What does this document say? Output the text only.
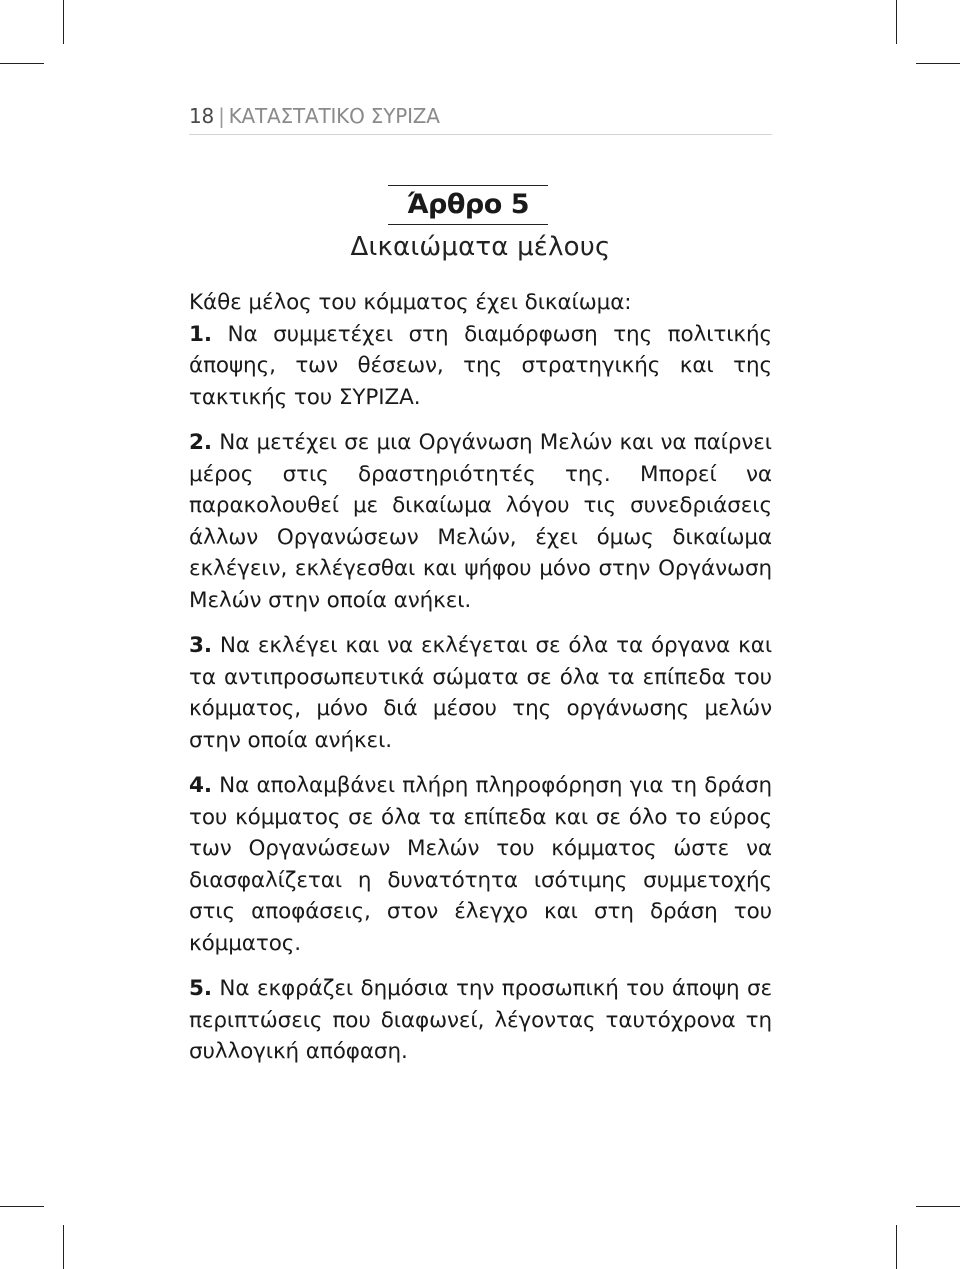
18 | ΚΑΤΑΣΤΑΤΙΚΟ ΣΥΡΙΖΑ
Άρθρο 5
Δικαιώματα μέλους

Κάθε μέλος του κόμματος έχει δικαίωμα:

1. Να συμμετέχει στη διαμόρφωση της πολιτικής άποψης, των θέσεων, της στρατηγικής και της τακτικής του ΣΥΡΙΖΑ.

2. Να μετέχει σε μια Οργάνωση Μελών και να παίρνει μέρος στις δραστηριότητές της. Μπορεί να παρακολουθεί με δικαίωμα λόγου τις συνεδριάσεις άλλων Οργανώσεων Μελών, έχει όμως δικαίωμα εκλέγειν, εκλέγεσθαι και ψήφου μόνο στην Οργάνωση Μελών στην οποία ανήκει.

3. Να εκλέγει και να εκλέγεται σε όλα τα όργανα και τα αντιπροσωπευτικά σώματα σε όλα τα επίπεδα του κόμματος, μόνο διά μέσου της οργάνωσης μελών στην οποία ανήκει.

4. Να απολαμβάνει πλήρη πληροφόρηση για τη δράση του κόμματος σε όλα τα επίπεδα και σε όλο το εύρος των Οργανώσεων Μελών του κόμματος ώστε να διασφαλίζεται η δυνατότητα ισότιμης συμμετοχής στις αποφάσεις, στον έλεγχο και στη δράση του κόμματος.

5. Να εκφράζει δημόσια την προσωπική του άποψη σε περιπτώσεις που διαφωνεί, λέγοντας ταυτόχρονα τη συλλογική απόφαση.
